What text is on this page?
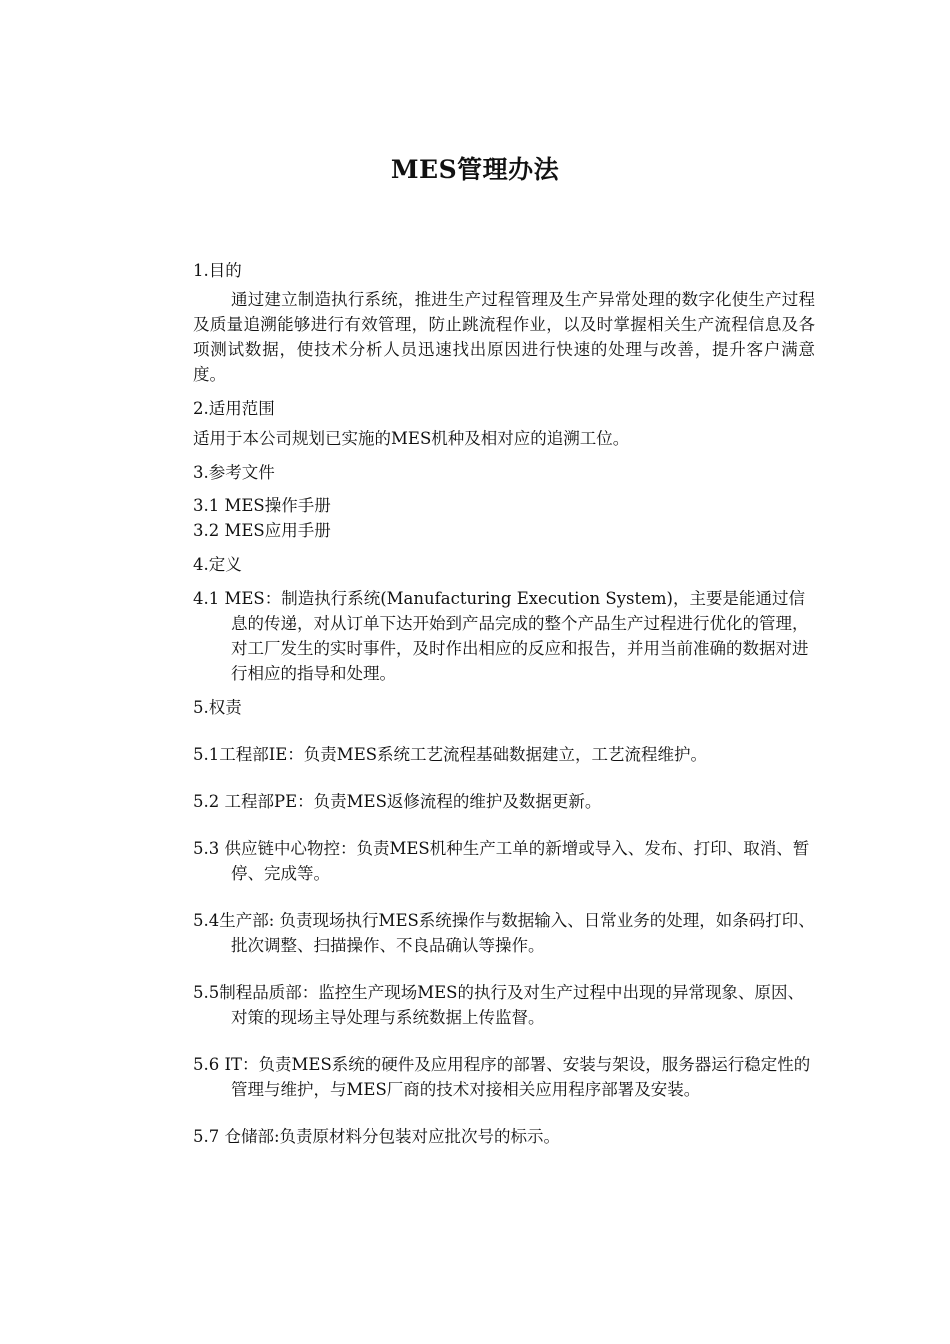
MES管理办法

1.目的

通过建立制造执行系统，推进生产过程管理及生产异常处理的数字化使生产过程及质量追溯能够进行有效管理，防止跳流程作业，以及时掌握相关生产流程信息及各项测试数据，使技术分析人员迅速找出原因进行快速的处理与改善，提升客户满意度。

2.适用范围

适用于本公司规划已实施的MES机种及相对应的追溯工位。

3.参考文件

3.1 MES操作手册

3.2 MES应用手册

4.定义

4.1 MES：制造执行系统(Manufacturing Execution System)，主要是能通过信息的传递，对从订单下达开始到产品完成的整个产品生产过程进行优化的管理，对工厂发生的实时事件，及时作出相应的反应和报告，并用当前准确的数据对进行相应的指导和处理。

5.权责

5.1工程部IE：负责MES系统工艺流程基础数据建立，工艺流程维护。

5.2 工程部PE：负责MES返修流程的维护及数据更新。

5.3 供应链中心物控：负责MES机种生产工单的新增或导入、发布、打印、取消、暂停、完成等。

5.4生产部: 负责现场执行MES系统操作与数据输入、日常业务的处理，如条码打印、批次调整、扫描操作、不良品确认等操作。

5.5制程品质部：监控生产现场MES的执行及对生产过程中出现的异常现象、原因、对策的现场主导处理与系统数据上传监督。

5.6 IT：负责MES系统的硬件及应用程序的部署、安装与架设，服务器运行稳定性的管理与维护，与MES厂商的技术对接相关应用程序部署及安装。

5.7 仓储部:负责原材料分包装对应批次号的标示。
